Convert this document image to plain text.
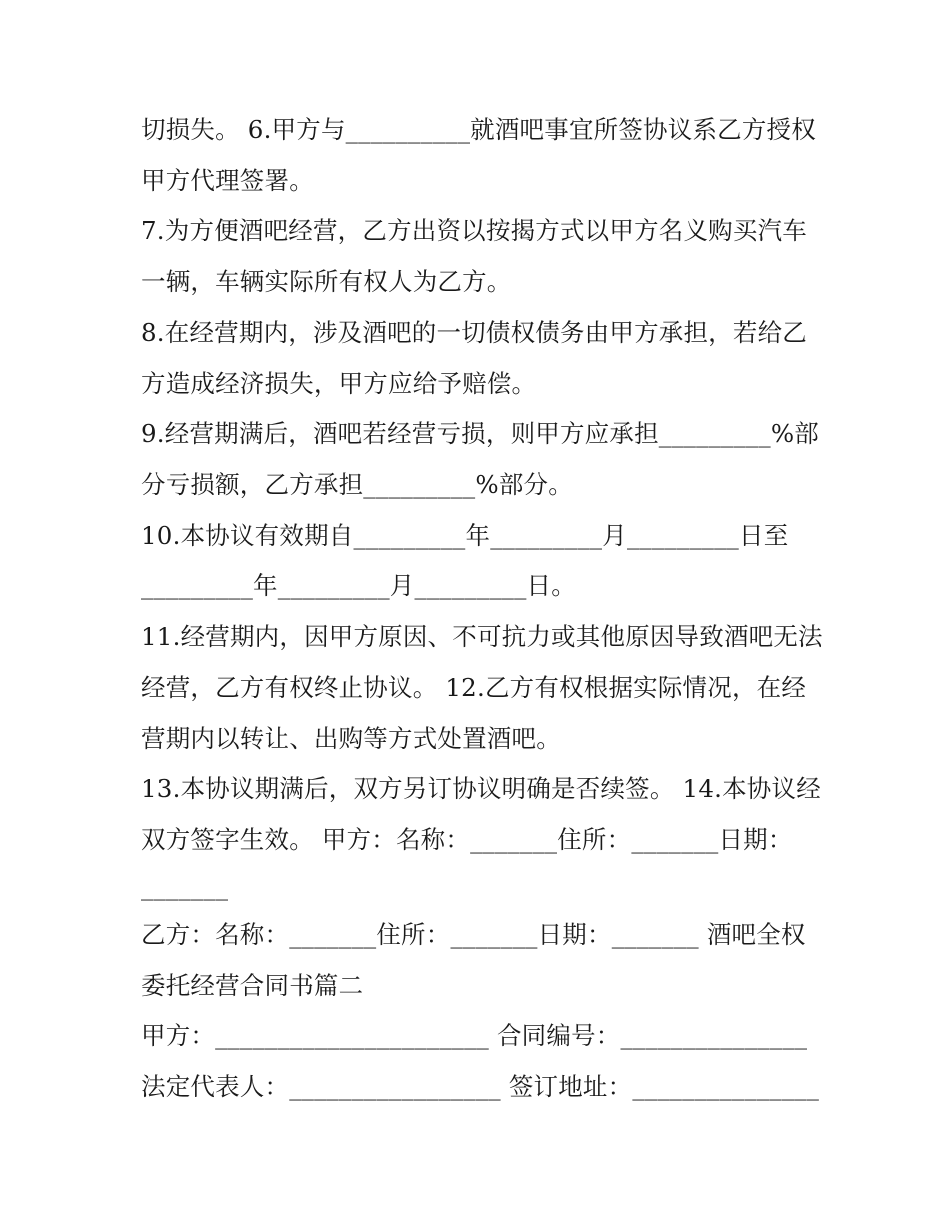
切损失。 6.甲方与__________就酒吧事宜所签协议系乙方授权
甲方代理签署。
7.为方便酒吧经营，乙方出资以按揭方式以甲方名义购买汽车
一辆，车辆实际所有权人为乙方。
8.在经营期内，涉及酒吧的一切债权债务由甲方承担，若给乙
方造成经济损失，甲方应给予赔偿。
9.经营期满后，酒吧若经营亏损，则甲方应承担_________%部
分亏损额，乙方承担_________%部分。
10.本协议有效期自_________年_________月_________日至
_________年_________月_________日。
11.经营期内，因甲方原因、不可抗力或其他原因导致酒吧无法
经营，乙方有权终止协议。 12.乙方有权根据实际情况，在经
营期内以转让、出购等方式处置酒吧。
13.本协议期满后，双方另订协议明确是否续签。 14.本协议经
双方签字生效。 甲方：名称：_______住所：_______日期：
_______
乙方：名称：_______住所：_______日期：_______ 酒吧全权
委托经营合同书篇二
甲方：______________________ 合同编号：_______________
法定代表人：_________________ 签订地址：_______________
